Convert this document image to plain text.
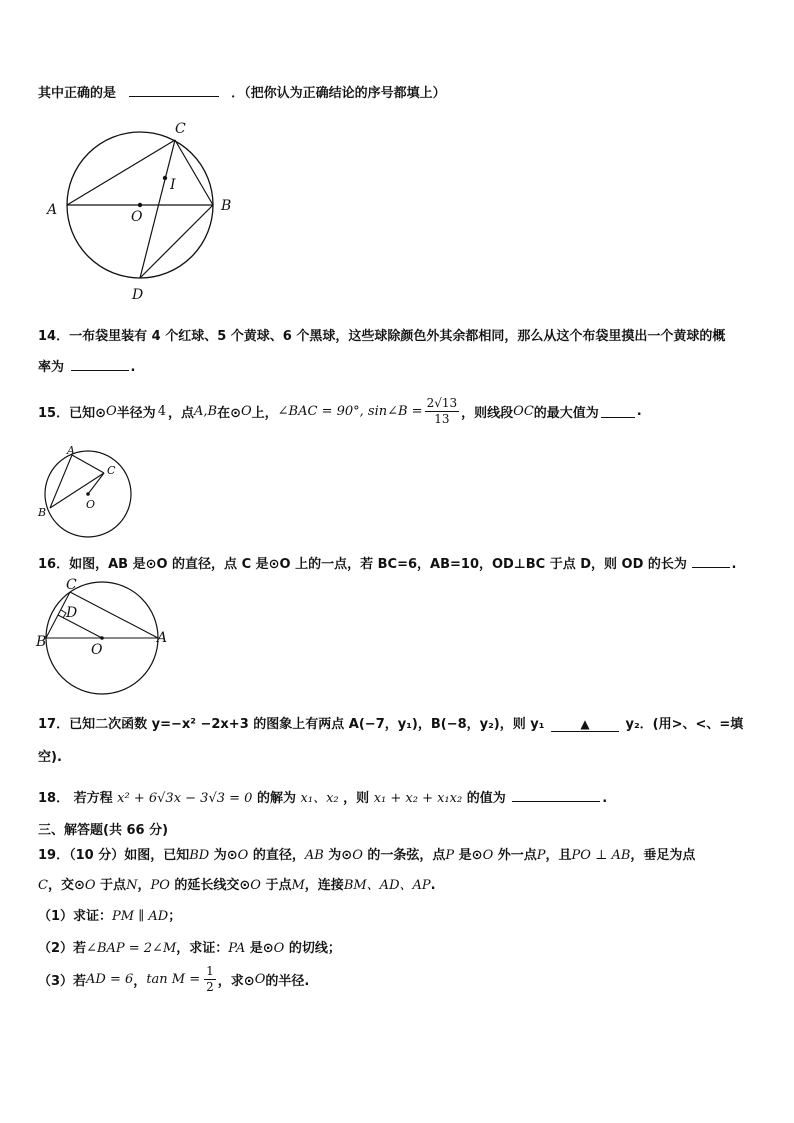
其中正确的是	．（把你认为正确结论的序号都填上）
C
I
A	O
B
D
14．一布袋里装有 4 个红球、5 个黄球、6 个黑球，这些球除颜色外其余都相同，那么从这个布袋里摸出一个黄球的概
率为	.
15． 已知⊙ O 半径为 4 ，点 A,B 在⊙ O 上， ∠BAC = 90°, sin∠B = $\frac{2√13}{13}$ ，则线段 OC 的最大值为	.
A
C
O
B
16．如图，AB 是⊙O 的直径，点 C 是⊙O 上的一点，若 BC=6，AB=10，OD⊥BC 于点 D，则 OD 的长为	.
C
D
B	O
A
17．已知二次函数 y=−x² −2x+3 的图象上有两点 A(−7，y₁)，B(−8，y₂)，则 y₁	▲	y₂．(用>、<、=填
空).
18． 若方程 x² + 6√3x − 3√3 = 0 的解为 x₁、x₂ ，则 x₁ + x₂ + x₁x₂ 的值为	.
三、解答题(共 66 分)
19．（10 分）如图，已知BD 为⊙O 的直径，AB 为⊙O 的一条弦，点P 是⊙O 外一点P，且PO ⊥ AB，垂足为点
C，交⊙O 于点N，PO 的延长线交⊙O 于点M，连接BM、AD、AP.
（1）求证：PM ∥ AD；
（2）若∠BAP = 2∠M，求证：PA 是⊙O 的切线；
（3）若 AD = 6 ， $\tan M = \frac{1}{2}$ ，求⊙ O 的半径.
